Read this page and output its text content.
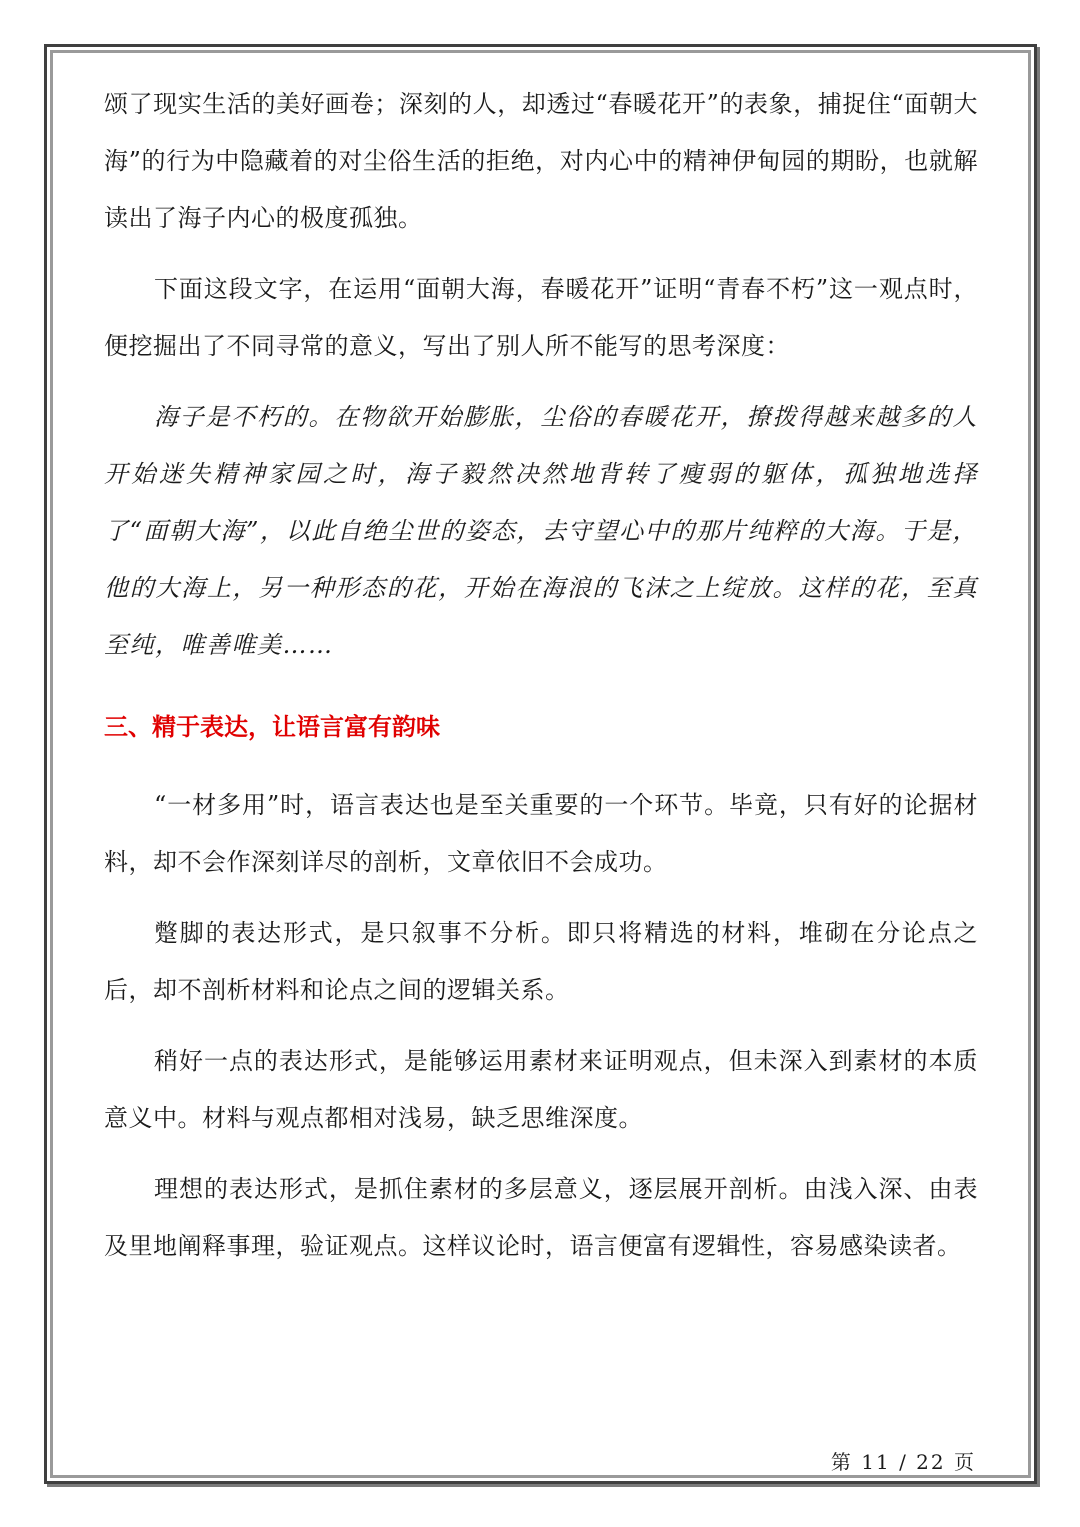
颂了现实生活的美好画卷；深刻的人，却透过“春暖花开”的表象，捕捉住“面朝大海”的行为中隐藏着的对尘俗生活的拒绝，对内心中的精神伊甸园的期盼，也就解读出了海子内心的极度孤独。

下面这段文字，在运用“面朝大海，春暖花开”证明“青春不朽”这一观点时，便挖掘出了不同寻常的意义，写出了别人所不能写的思考深度：

海子是不朽的。在物欲开始膨胀，尘俗的春暖花开，撩拨得越来越多的人开始迷失精神家园之时，海子毅然决然地背转了瘦弱的躯体，孤独地选择了“面朝大海”，以此自绝尘世的姿态，去守望心中的那片纯粹的大海。于是，他的大海上，另一种形态的花，开始在海浪的飞沫之上绽放。这样的花，至真至纯，唯善唯美……

三、精于表达，让语言富有韵味

“一材多用”时，语言表达也是至关重要的一个环节。毕竟，只有好的论据材料，却不会作深刻详尽的剖析，文章依旧不会成功。

蹩脚的表达形式，是只叙事不分析。即只将精选的材料，堆砌在分论点之后，却不剖析材料和论点之间的逻辑关系。

稍好一点的表达形式，是能够运用素材来证明观点，但未深入到素材的本质意义中。材料与观点都相对浅易，缺乏思维深度。

理想的表达形式，是抓住素材的多层意义，逐层展开剖析。由浅入深、由表及里地阐释事理，验证观点。这样议论时，语言便富有逻辑性，容易感染读者。

第 11 / 22 页
